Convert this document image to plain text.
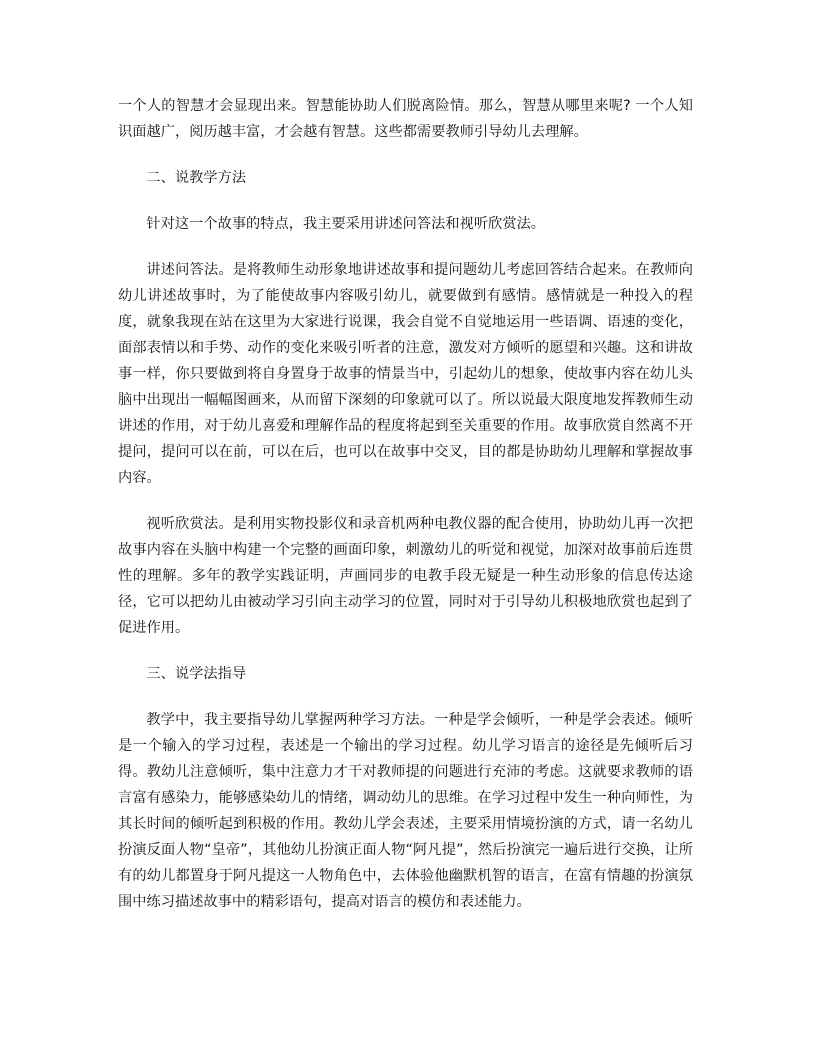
一个人的智慧才会显现出来。智慧能协助人们脱离险情。那么，智慧从哪里来呢? 一个人知识面越广，阅历越丰富，才会越有智慧。这些都需要教师引导幼儿去理解。

二、说教学方法

针对这一个故事的特点，我主要采用讲述问答法和视听欣赏法。

讲述问答法。是将教师生动形象地讲述故事和提问题幼儿考虑回答结合起来。在教师向幼儿讲述故事时，为了能使故事内容吸引幼儿，就要做到有感情。感情就是一种投入的程度，就象我现在站在这里为大家进行说课，我会自觉不自觉地运用一些语调、语速的变化，面部表情以和手势、动作的变化来吸引听者的注意，激发对方倾听的愿望和兴趣。这和讲故事一样，你只要做到将自身置身于故事的情景当中，引起幼儿的想象，使故事内容在幼儿头脑中出现出一幅幅图画来，从而留下深刻的印象就可以了。所以说最大限度地发挥教师生动讲述的作用，对于幼儿喜爱和理解作品的程度将起到至关重要的作用。故事欣赏自然离不开提问，提问可以在前，可以在后，也可以在故事中交叉，目的都是协助幼儿理解和掌握故事内容。

视听欣赏法。是利用实物投影仪和录音机两种电教仪器的配合使用，协助幼儿再一次把故事内容在头脑中构建一个完整的画面印象，刺激幼儿的听觉和视觉，加深对故事前后连贯性的理解。多年的教学实践证明，声画同步的电教手段无疑是一种生动形象的信息传达途径，它可以把幼儿由被动学习引向主动学习的位置，同时对于引导幼儿积极地欣赏也起到了促进作用。

三、说学法指导

教学中，我主要指导幼儿掌握两种学习方法。一种是学会倾听，一种是学会表述。倾听是一个输入的学习过程，表述是一个输出的学习过程。幼儿学习语言的途径是先倾听后习得。教幼儿注意倾听，集中注意力才干对教师提的问题进行充沛的考虑。这就要求教师的语言富有感染力，能够感染幼儿的情绪，调动幼儿的思维。在学习过程中发生一种向师性，为其长时间的倾听起到积极的作用。教幼儿学会表述，主要采用情境扮演的方式，请一名幼儿扮演反面人物“皇帝”，其他幼儿扮演正面人物“阿凡提”，然后扮演完一遍后进行交换，让所有的幼儿都置身于阿凡提这一人物角色中，去体验他幽默机智的语言，在富有情趣的扮演氛围中练习描述故事中的精彩语句，提高对语言的模仿和表述能力。
